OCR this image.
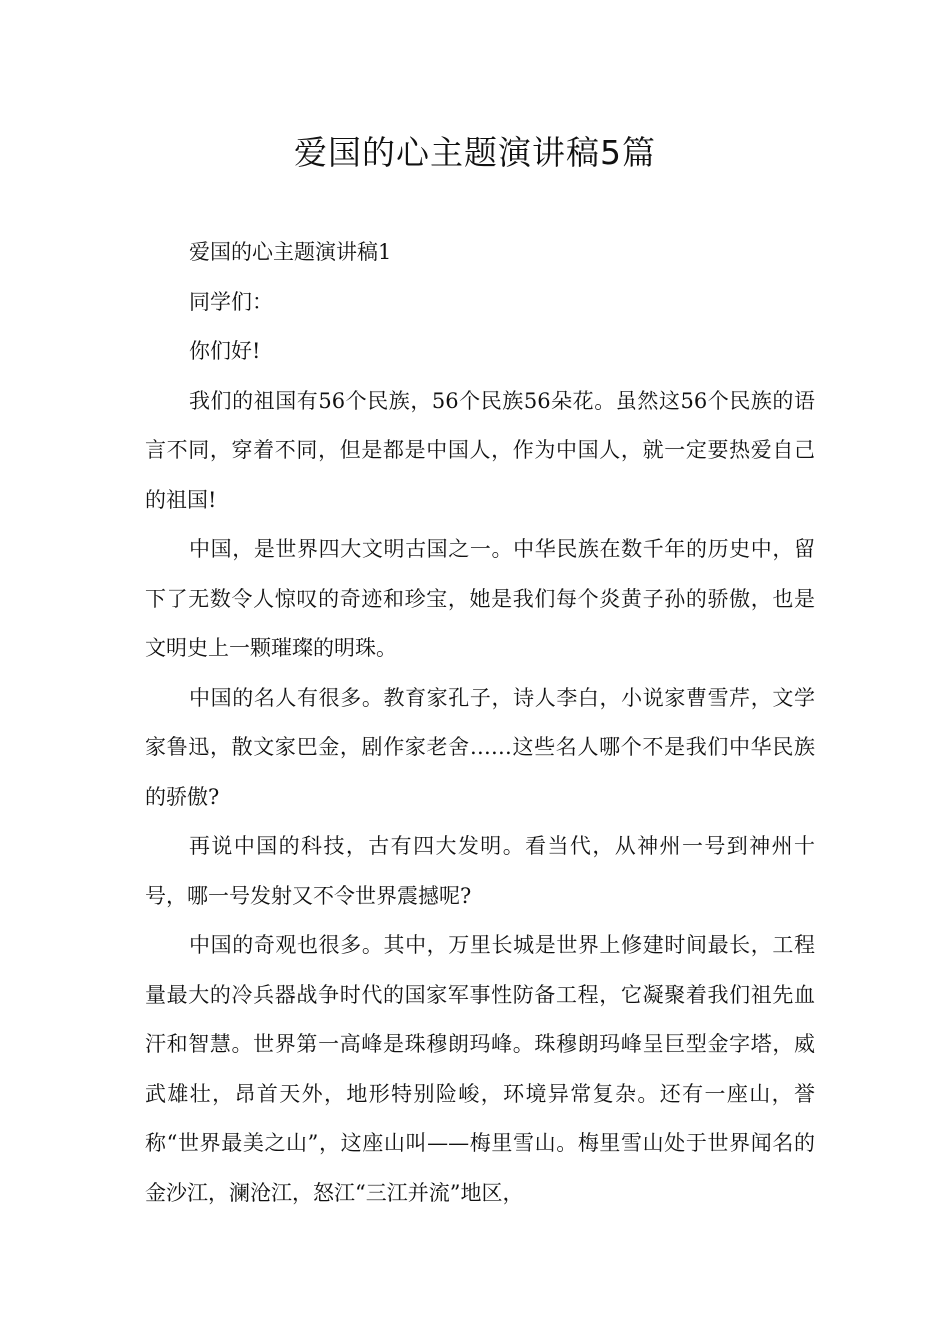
爱国的心主题演讲稿5篇

爱国的心主题演讲稿1

同学们：

你们好!

我们的祖国有56个民族，56个民族56朵花。虽然这56个民族的语言不同，穿着不同，但是都是中国人，作为中国人，就一定要热爱自己的祖国!

中国，是世界四大文明古国之一。中华民族在数千年的历史中，留下了无数令人惊叹的奇迹和珍宝，她是我们每个炎黄子孙的骄傲，也是文明史上一颗璀璨的明珠。

中国的名人有很多。教育家孔子，诗人李白，小说家曹雪芹，文学家鲁迅，散文家巴金，剧作家老舍……这些名人哪个不是我们中华民族的骄傲?

再说中国的科技，古有四大发明。看当代，从神州一号到神州十号，哪一号发射又不令世界震撼呢?

中国的奇观也很多。其中，万里长城是世界上修建时间最长，工程量最大的冷兵器战争时代的国家军事性防备工程，它凝聚着我们祖先血汗和智慧。世界第一高峰是珠穆朗玛峰。珠穆朗玛峰呈巨型金字塔，威武雄壮，昂首天外，地形特别险峻，环境异常复杂。还有一座山，誉称“世界最美之山”，这座山叫——梅里雪山。梅里雪山处于世界闻名的金沙江，澜沧江，怒江“三江并流”地区，
